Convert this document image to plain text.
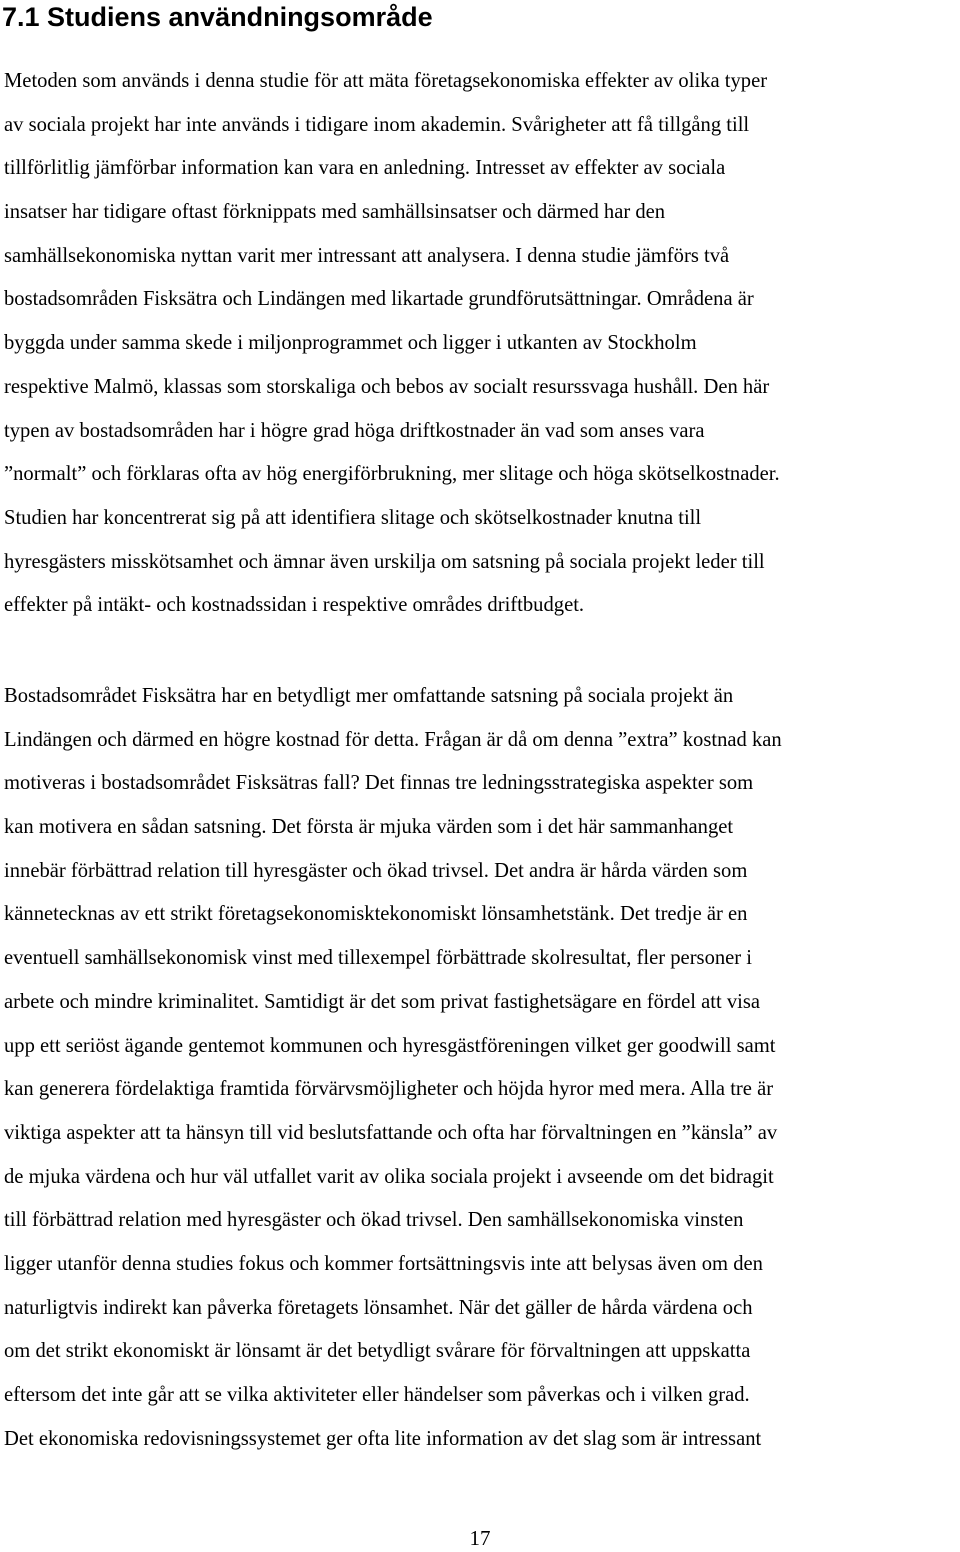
7.1 Studiens användningsområde
Metoden som används i denna studie för att mäta företagsekonomiska effekter av olika typer
av sociala projekt har inte används i tidigare inom akademin. Svårigheter att få tillgång till
tillförlitlig jämförbar information kan vara en anledning. Intresset av effekter av sociala
insatser har tidigare oftast förknippats med samhällsinsatser och därmed har den
samhällsekonomiska nyttan varit mer intressant att analysera. I denna studie jämförs två
bostadsområden Fisksätra och Lindängen med likartade grundförutsättningar. Områdena är
byggda under samma skede i miljonprogrammet och ligger i utkanten av Stockholm
respektive Malmö, klassas som storskaliga och bebos av socialt resurssvaga hushåll. Den här
typen av bostadsområden har i högre grad höga driftkostnader än vad som anses vara
”normalt” och förklaras ofta av hög energiförbrukning, mer slitage och höga skötselkostnader.
Studien har koncentrerat sig på att identifiera slitage och skötselkostnader knutna till
hyresgästers misskötsamhet och ämnar även urskilja om satsning på sociala projekt leder till
effekter på intäkt- och kostnadssidan i respektive områdes driftbudget.
Bostadsområdet Fisksätra har en betydligt mer omfattande satsning på sociala projekt än
Lindängen och därmed en högre kostnad för detta. Frågan är då om denna ”extra” kostnad kan
motiveras i bostadsområdet Fisksätras fall? Det finnas tre ledningsstrategiska aspekter som
kan motivera en sådan satsning. Det första är mjuka värden som i det här sammanhanget
innebär förbättrad relation till hyresgäster och ökad trivsel. Det andra är hårda värden som
kännetecknas av ett strikt företagsekonomisktekonomiskt lönsamhetstänk. Det tredje är en
eventuell samhällsekonomisk vinst med tillexempel förbättrade skolresultat, fler personer i
arbete och mindre kriminalitet. Samtidigt är det som privat fastighetsägare en fördel att visa
upp ett seriöst ägande gentemot kommunen och hyresgästföreningen vilket ger goodwill samt
kan generera fördelaktiga framtida förvärvsmöjligheter och höjda hyror med mera. Alla tre är
viktiga aspekter att ta hänsyn till vid beslutsfattande och ofta har förvaltningen en ”känsla” av
de mjuka värdena och hur väl utfallet varit av olika sociala projekt i avseende om det bidragit
till förbättrad relation med hyresgäster och ökad trivsel. Den samhällsekonomiska vinsten
ligger utanför denna studies fokus och kommer fortsättningsvis inte att belysas även om den
naturligtvis indirekt kan påverka företagets lönsamhet. När det gäller de hårda värdena och
om det strikt ekonomiskt är lönsamt är det betydligt svårare för förvaltningen att uppskatta
eftersom det inte går att se vilka aktiviteter eller händelser som påverkas och i vilken grad.
Det ekonomiska redovisningssystemet ger ofta lite information av det slag som är intressant
17
